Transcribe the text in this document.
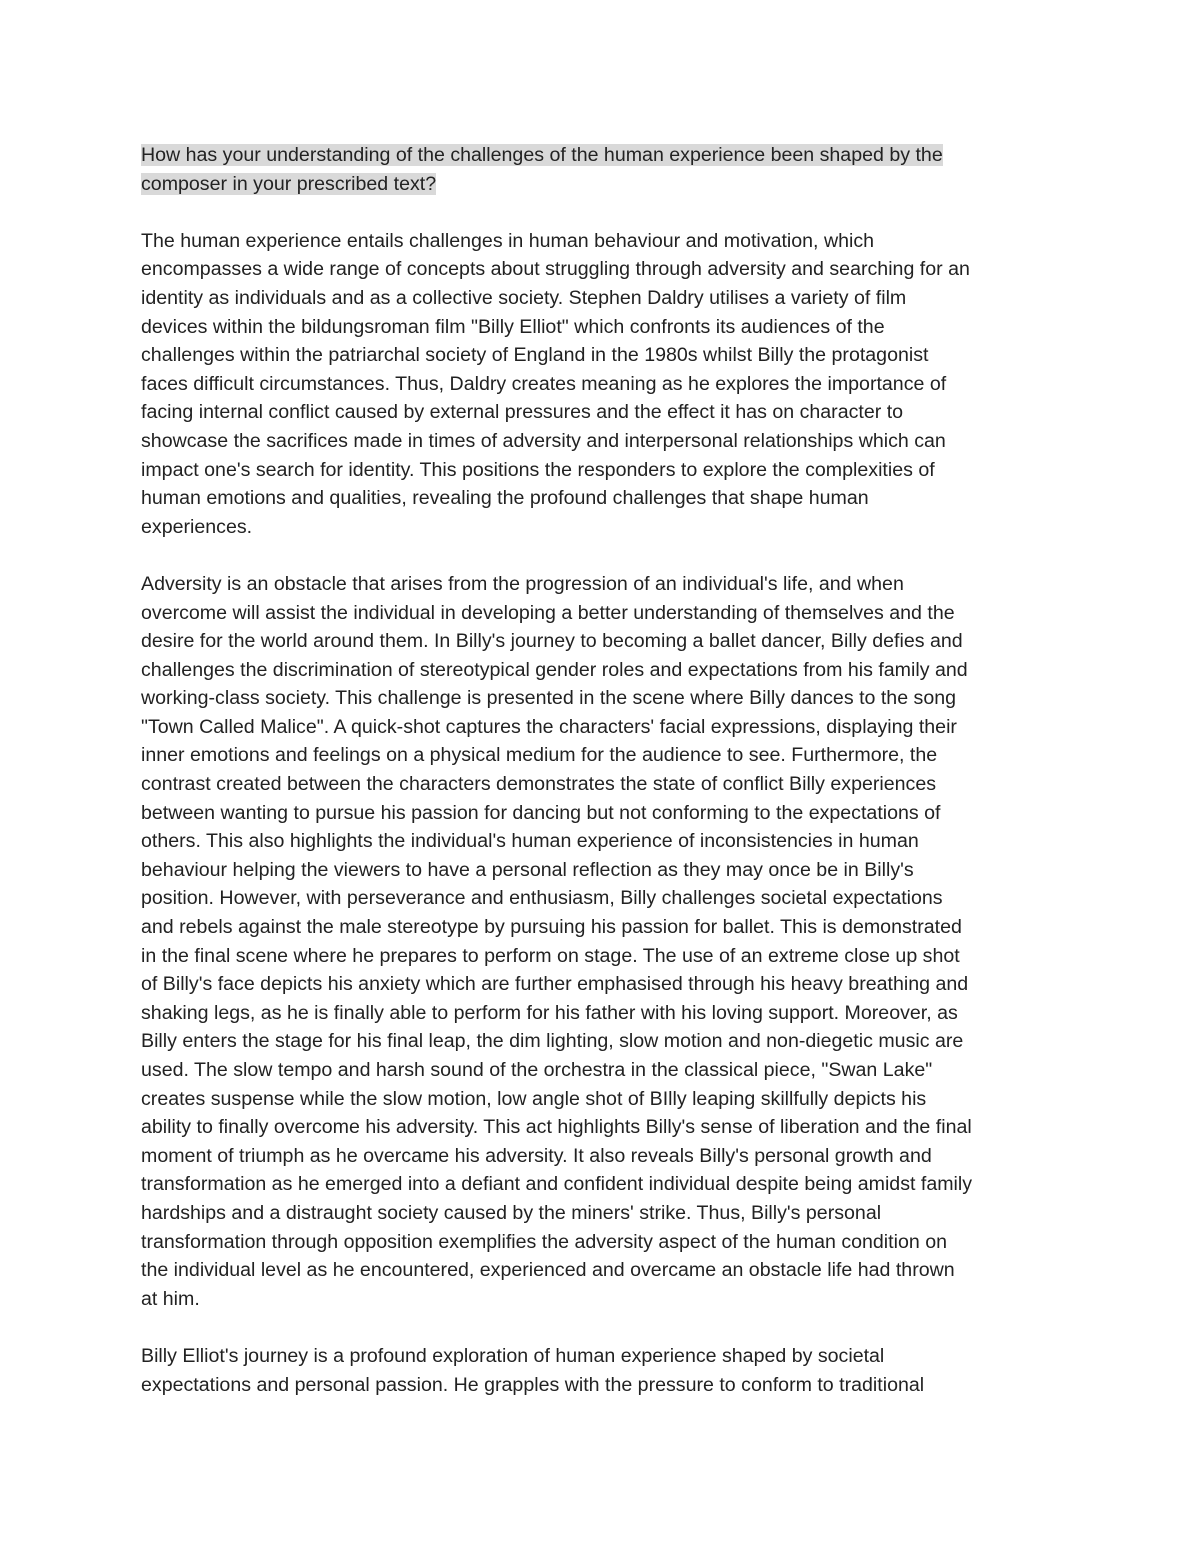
How has your understanding of the challenges of the human experience been shaped by the
composer in your prescribed text?
The human experience entails challenges in human behaviour and motivation, which
encompasses a wide range of concepts about struggling through adversity and searching for an
identity as individuals and as a collective society. Stephen Daldry utilises a variety of film
devices within the bildungsroman film "Billy Elliot" which confronts its audiences of the
challenges within the patriarchal society of England in the 1980s whilst Billy the protagonist
faces difficult circumstances. Thus, Daldry creates meaning as he explores the importance of
facing internal conflict caused by external pressures and the effect it has on character to
showcase the sacrifices made in times of adversity and interpersonal relationships which can
impact one's search for identity. This positions the responders to explore the complexities of
human emotions and qualities, revealing the profound challenges that shape human
experiences.
Adversity is an obstacle that arises from the progression of an individual's life, and when
overcome will assist the individual in developing a better understanding of themselves and the
desire for the world around them. In Billy's journey to becoming a ballet dancer, Billy defies and
challenges the discrimination of stereotypical gender roles and expectations from his family and
working-class society. This challenge is presented in the scene where Billy dances to the song
"Town Called Malice". A quick-shot captures the characters' facial expressions, displaying their
inner emotions and feelings on a physical medium for the audience to see. Furthermore, the
contrast created between the characters demonstrates the state of conflict Billy experiences
between wanting to pursue his passion for dancing but not conforming to the expectations of
others. This also highlights the individual's human experience of inconsistencies in human
behaviour helping the viewers to have a personal reflection as they may once be in Billy's
position. However, with perseverance and enthusiasm, Billy challenges societal expectations
and rebels against the male stereotype by pursuing his passion for ballet. This is demonstrated
in the final scene where he prepares to perform on stage. The use of an extreme close up shot
of Billy's face depicts his anxiety which are further emphasised through his heavy breathing and
shaking legs, as he is finally able to perform for his father with his loving support. Moreover, as
Billy enters the stage for his final leap, the dim lighting, slow motion and non-diegetic music are
used. The slow tempo and harsh sound of the orchestra in the classical piece, "Swan Lake"
creates suspense while the slow motion, low angle shot of BIlly leaping skillfully depicts his
ability to finally overcome his adversity. This act highlights Billy's sense of liberation and the final
moment of triumph as he overcame his adversity. It also reveals Billy's personal growth and
transformation as he emerged into a defiant and confident individual despite being amidst family
hardships and a distraught society caused by the miners' strike. Thus, Billy's personal
transformation through opposition exemplifies the adversity aspect of the human condition on
the individual level as he encountered, experienced and overcame an obstacle life had thrown
at him.
Billy Elliot's journey is a profound exploration of human experience shaped by societal
expectations and personal passion. He grapples with the pressure to conform to traditional
